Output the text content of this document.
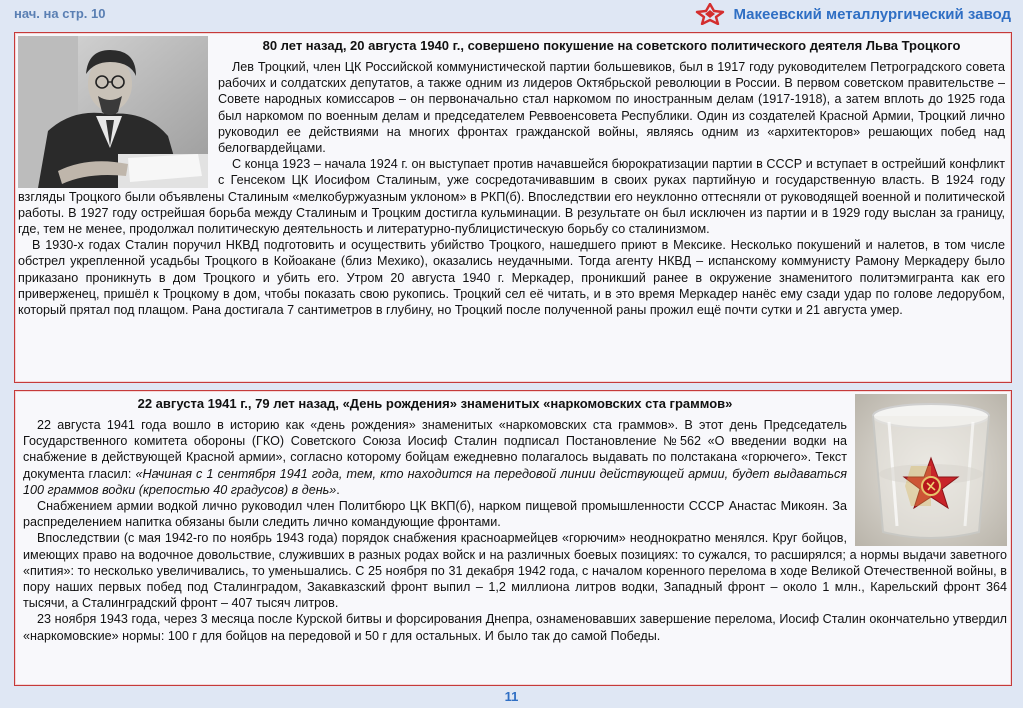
нач. на стр. 10	Макеевский металлургический завод
80 лет назад, 20 августа 1940 г., совершено покушение на советского политического деятеля Льва Троцкого

Лев Троцкий, член ЦК Российской коммунистической партии большевиков, был в 1917 году руководителем Петроградского совета рабочих и солдатских депутатов, а также одним из лидеров Октябрьской революции в России. В первом советском правительстве – Совете народных комиссаров – он первоначально стал наркомом по иностранным делам (1917-1918), а затем вплоть до 1925 года был наркомом по военным делам и председателем Реввоенсовета Республики. Один из создателей Красной Армии, Троцкий лично руководил ее действиями на многих фронтах гражданской войны, являясь одним из «архитекторов» решающих побед над белогвардейцами.

С конца 1923 – начала 1924 г. он выступает против начавшейся бюрократизации партии в СССР и вступает в острейший конфликт с Генсеком ЦК Иосифом Сталиным, уже сосредотачивавшим в своих руках партийную и государственную власть. В 1924 году взгляды Троцкого были объявлены Сталиным «мелкобуржуазным уклоном» в РКП(б). Впоследствии его неуклонно оттесняли от руководящей военной и политической работы. В 1927 году острейшая борьба между Сталиным и Троцким достигла кульминации. В результате он был исключен из партии и в 1929 году выслан за границу, где, тем не менее, продолжал политическую деятельность и литературно-публицистическую борьбу со сталинизмом.

В 1930-х годах Сталин поручил НКВД подготовить и осуществить убийство Троцкого, нашедшего приют в Мексике. Несколько покушений и налетов, в том числе обстрел укрепленной усадьбы Троцкого в Койоакане (близ Мехико), оказались неудачными. Тогда агенту НКВД – испанскому коммунисту Рамону Меркадеру было приказано проникнуть в дом Троцкого и убить его. Утром 20 августа 1940 г. Меркадер, проникший ранее в окружение знаменитого политэмигранта как его приверженец, пришёл к Троцкому в дом, чтобы показать свою рукопись. Троцкий сел её читать, и в это время Меркадер нанёс ему сзади удар по голове ледорубом, который прятал под плащом. Рана достигала 7 сантиметров в глубину, но Троцкий после полученной раны прожил ещё почти сутки и 21 августа умер.

22 августа 1941 г., 79 лет назад, «День рождения» знаменитых «наркомовских ста граммов»

22 августа 1941 года вошло в историю как «день рождения» знаменитых «наркомовских ста граммов». В этот день Председатель Государственного комитета обороны (ГКО) Советского Союза Иосиф Сталин подписал Постановление №562 «О введении водки на снабжение в действующей Красной армии», согласно которому бойцам ежедневно полагалось выдавать по полстакана «горючего». Текст документа гласил: «Начиная с 1 сентября 1941 года, тем, кто находится на передовой линии действующей армии, будет выдаваться 100 граммов водки (крепостью 40 градусов) в день».

Снабжением армии водкой лично руководил член Политбюро ЦК ВКП(б), нарком пищевой промышленности СССР Анастас Микоян. За распределением напитка обязаны были следить лично командующие фронтами.

Впоследствии (с мая 1942-го по ноябрь 1943 года) порядок снабжения красноармейцев «горючим» неоднократно менялся. Круг бойцов, имеющих право на водочное довольствие, служивших в разных родах войск и на различных боевых позициях: то сужался, то расширялся; а нормы выдачи заветного «пития»: то несколько увеличивались, то уменьшались. С 25 ноября по 31 декабря 1942 года, с началом коренного перелома в ходе Великой Отечественной войны, в пору наших первых побед под Сталинградом, Закавказский фронт выпил – 1,2 миллиона литров водки, Западный фронт – около 1 млн., Карельский фронт 364 тысячи, а Сталинградский фронт – 407 тысяч литров.

23 ноября 1943 года, через 3 месяца после Курской битвы и форсирования Днепра, ознаменовавших завершение перелома, Иосиф Сталин окончательно утвердил «наркомовские» нормы: 100 г для бойцов на передовой и 50 г для остальных. И было так до самой Победы.

11
